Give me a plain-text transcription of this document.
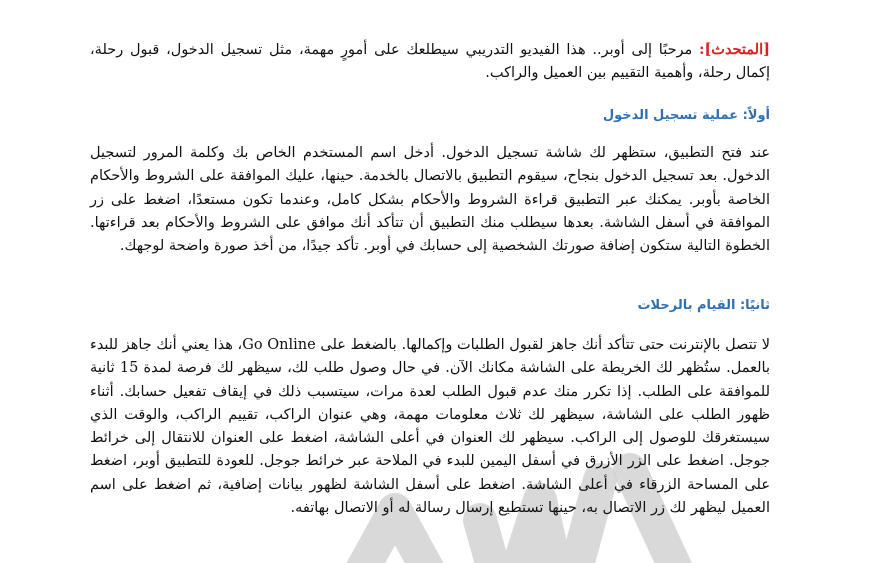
[المتحدث]: مرحبًا إلى أوبر.. هذا الفيديو التدريبي سيطلعك على أمورٍ مهمة، مثل تسجيل الدخول، قبول رحلة، إكمال رحلة، وأهمية التقييم بين العميل والراكب.

أولاً: عملية تسجيل الدخول

عند فتح التطبيق، ستظهر لك شاشة تسجيل الدخول. أدخل اسم المستخدم الخاص بك وكلمة المرور لتسجيل الدخول. بعد تسجيل الدخول بنجاح، سيقوم التطبيق بالاتصال بالخدمة. حينها، عليك الموافقة على الشروط والأحكام الخاصة بأوبر. يمكنك عبر التطبيق قراءة الشروط والأحكام بشكل كامل، وعندما تكون مستعدًا، اضغط على زر الموافقة في أسفل الشاشة. بعدها سيطلب منك التطبيق أن تتأكد أنك موافق على الشروط والأحكام بعد قراءتها. الخطوة التالية ستكون إضافة صورتك الشخصية إلى حسابك في أوبر. تأكد جيدًا، من أخذ صورة واضحة لوجهك.

ثانيًا: القيام بالرحلات

لا تتصل بالإنترنت حتى تتأكد أنك جاهز لقبول الطلبات وإكمالها. بالضغط على Go Online، هذا يعني أنك جاهز للبدء بالعمل. ستُظهر لك الخريطة على الشاشة مكانك الآن. في حال وصول طلب لك، سيظهر لك فرصة لمدة 15 ثانية للموافقة على الطلب. إذا تكرر منك عدم قبول الطلب لعدة مرات، سيتسبب ذلك في إيقاف تفعيل حسابك. أثناء ظهور الطلب على الشاشة، سيظهر لك ثلاث معلومات مهمة، وهي عنوان الراكب، تقييم الراكب، والوقت الذي سيستغرقك للوصول إلى الراكب. سيظهر لك العنوان في أعلى الشاشة، اضغط على العنوان للانتقال إلى خرائط جوجل. اضغط على الزر الأزرق في أسفل اليمين للبدء في الملاحة عبر خرائط جوجل. للعودة للتطبيق أوبر، اضغط على المساحة الزرقاء في أعلى الشاشة. اضغط على أسفل الشاشة لظهور بيانات إضافية، ثم اضغط على اسم العميل ليظهر لك زر الاتصال به، حينها تستطيع إرسال رسالة له أو الاتصال بهاتفه.
